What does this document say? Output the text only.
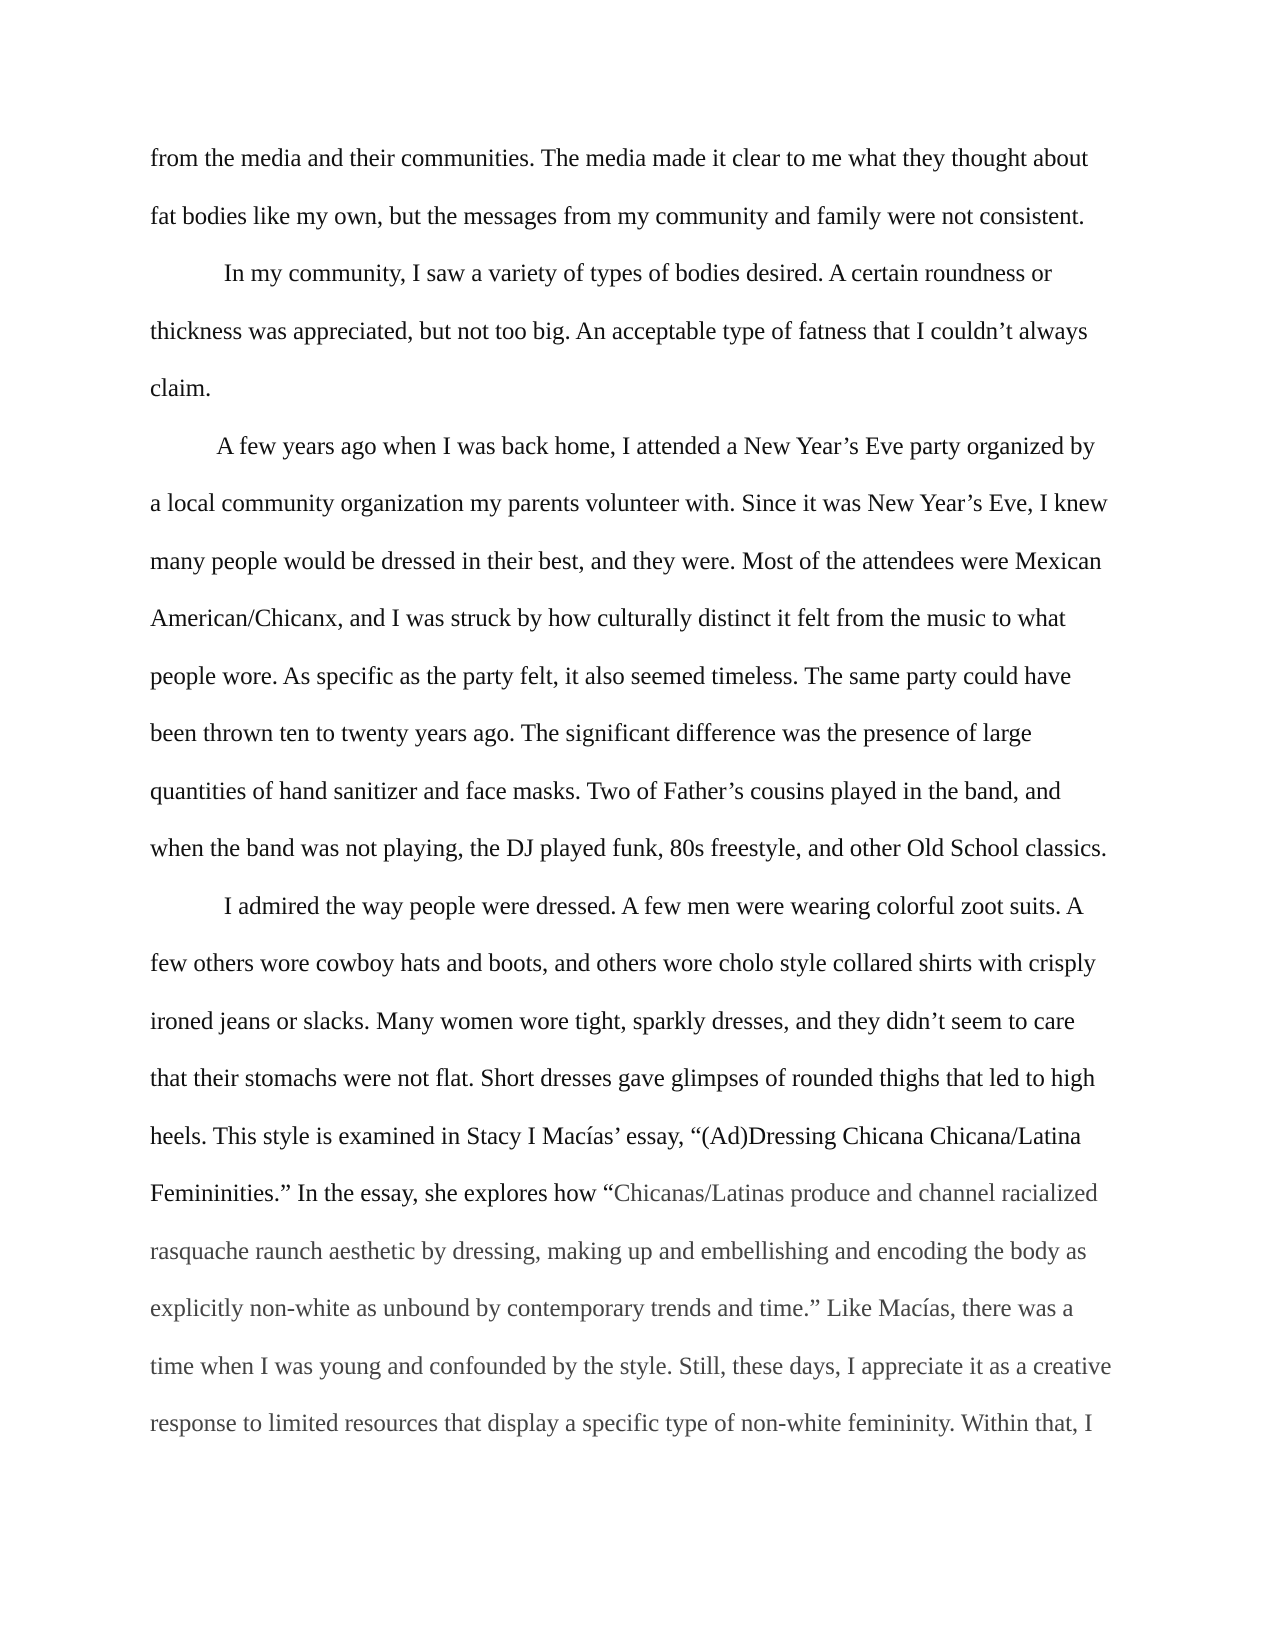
from the media and their communities. The media made it clear to me what they thought about
fat bodies like my own, but the messages from my community and family were not consistent.
In my community, I saw a variety of types of bodies desired. A certain roundness or
thickness was appreciated, but not too big. An acceptable type of fatness that I couldn’t always
claim.
A few years ago when I was back home, I attended a New Year’s Eve party organized by
a local community organization my parents volunteer with. Since it was New Year’s Eve, I knew
many people would be dressed in their best, and they were. Most of the attendees were Mexican
American/Chicanx, and I was struck by how culturally distinct it felt from the music to what
people wore. As specific as the party felt, it also seemed timeless. The same party could have
been thrown ten to twenty years ago. The significant difference was the presence of large
quantities of hand sanitizer and face masks. Two of Father’s cousins played in the band, and
when the band was not playing, the DJ played funk, 80s freestyle, and other Old School classics.
I admired the way people were dressed. A few men were wearing colorful zoot suits. A
few others wore cowboy hats and boots, and others wore cholo style collared shirts with crisply
ironed jeans or slacks. Many women wore tight, sparkly dresses, and they didn’t seem to care
that their stomachs were not flat. Short dresses gave glimpses of rounded thighs that led to high
heels. This style is examined in Stacy I Macías’ essay, “(Ad)Dressing Chicana Chicana/Latina
Femininities.” In the essay, she explores how “Chicanas/Latinas produce and channel racialized
rasquache raunch aesthetic by dressing, making up and embellishing and encoding the body as
explicitly non-white as unbound by contemporary trends and time.” Like Macías, there was a
time when I was young and confounded by the style. Still, these days, I appreciate it as a creative
response to limited resources that display a specific type of non-white femininity. Within that, I
